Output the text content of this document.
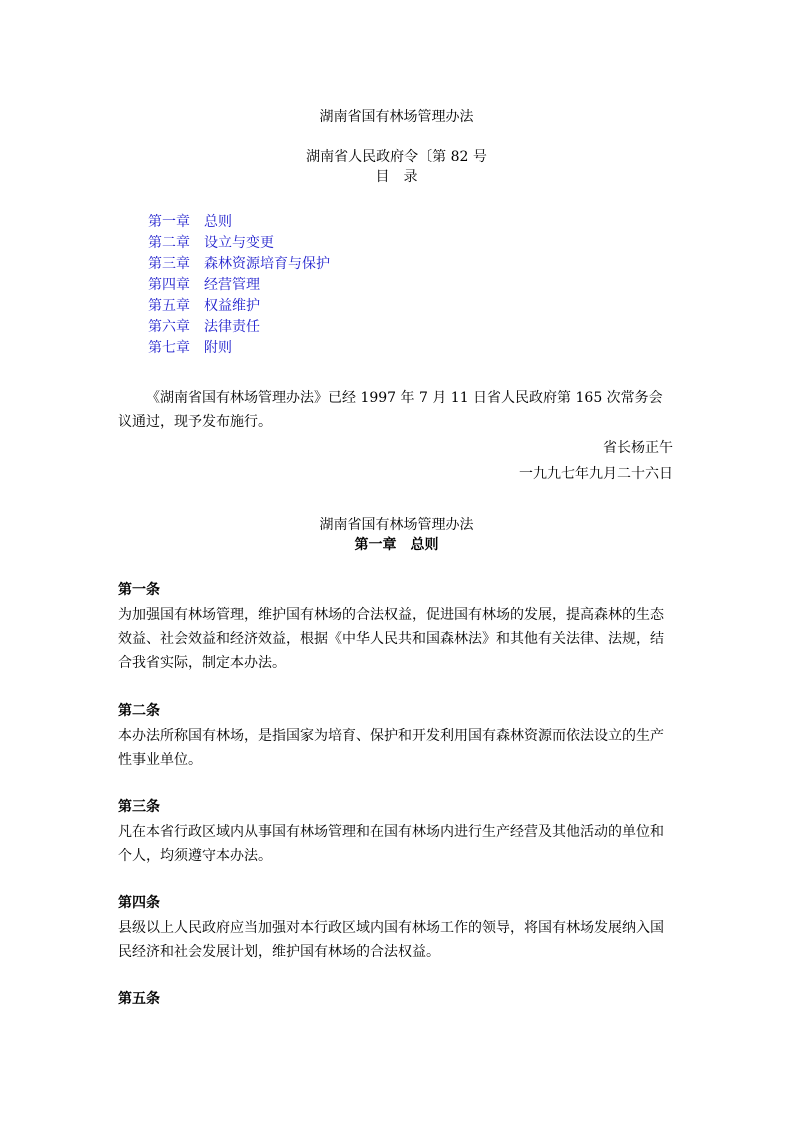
湖南省国有林场管理办法
湖南省人民政府令〔第 82 号
目　录
第一章 总则
第二章 设立与变更
第三章 森林资源培育与保护
第四章 经营管理
第五章 权益维护
第六章 法律责任
第七章 附则
《湖南省国有林场管理办法》已经 1997 年 7 月 11 日省人民政府第 165 次常务会议通过，现予发布施行。
省长杨正午
一九九七年九月二十六日
湖南省国有林场管理办法
第一章　总则
第一条
为加强国有林场管理，维护国有林场的合法权益，促进国有林场的发展，提高森林的生态效益、社会效益和经济效益，根据《中华人民共和国森林法》和其他有关法律、法规，结合我省实际，制定本办法。
第二条
本办法所称国有林场，是指国家为培育、保护和开发利用国有森林资源而依法设立的生产性事业单位。
第三条
凡在本省行政区域内从事国有林场管理和在国有林场内进行生产经营及其他活动的单位和个人，均须遵守本办法。
第四条
县级以上人民政府应当加强对本行政区域内国有林场工作的领导，将国有林场发展纳入国民经济和社会发展计划，维护国有林场的合法权益。
第五条
